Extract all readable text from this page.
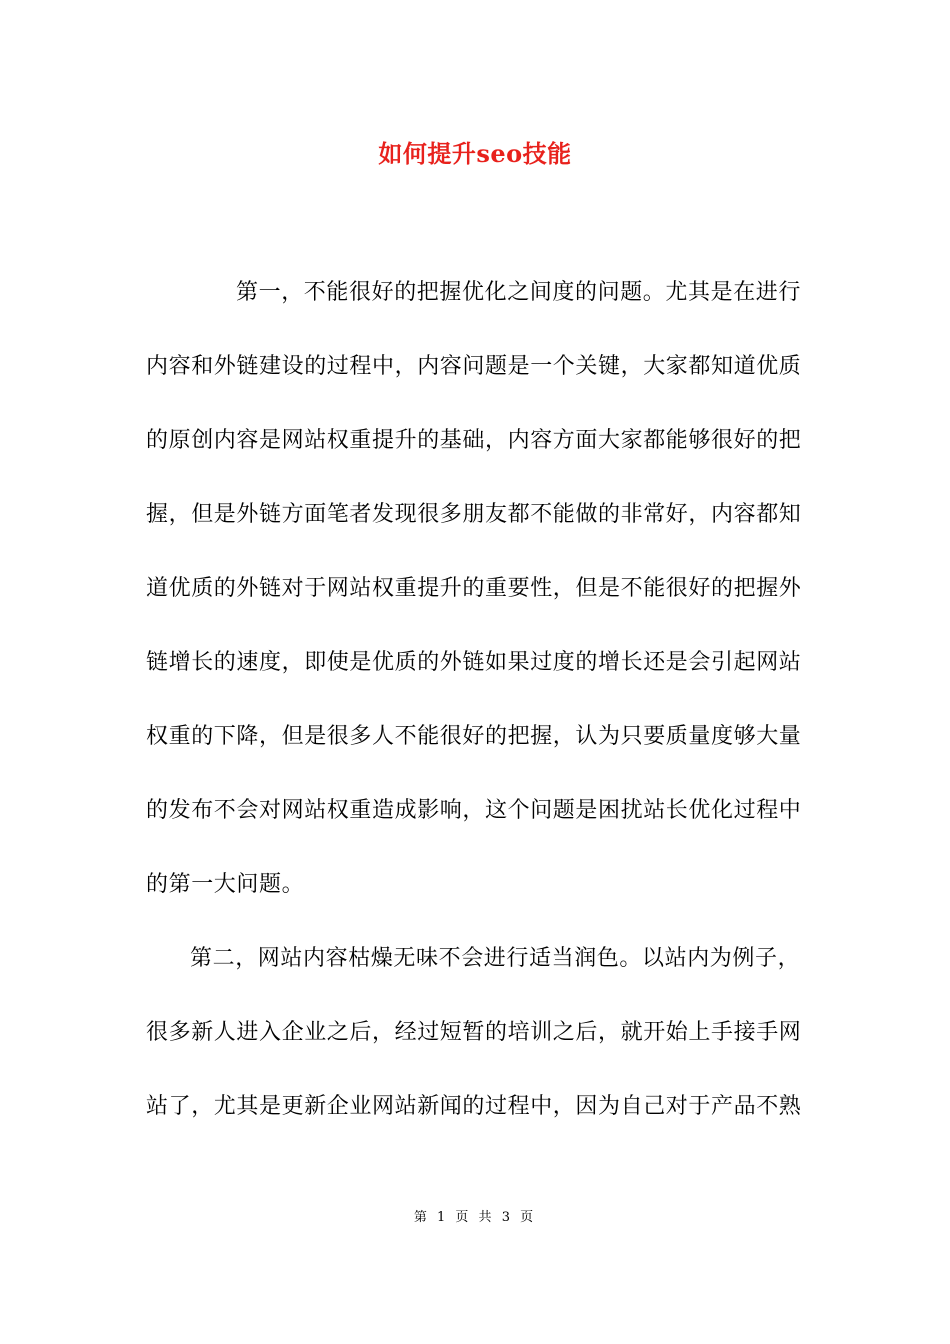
如何提升seo技能
第一，不能很好的把握优化之间度的问题。尤其是在进行
内容和外链建设的过程中，内容问题是一个关键，大家都知道优质
的原创内容是网站权重提升的基础，内容方面大家都能够很好的把
握，但是外链方面笔者发现很多朋友都不能做的非常好，内容都知
道优质的外链对于网站权重提升的重要性，但是不能很好的把握外
链增长的速度，即使是优质的外链如果过度的增长还是会引起网站
权重的下降，但是很多人不能很好的把握，认为只要质量度够大量
的发布不会对网站权重造成影响，这个问题是困扰站长优化过程中
的第一大问题。
第二，网站内容枯燥无味不会进行适当润色。以站内为例子，
很多新人进入企业之后，经过短暂的培训之后，就开始上手接手网
站了，尤其是更新企业网站新闻的过程中，因为自己对于产品不熟
第 1 页 共 3 页
